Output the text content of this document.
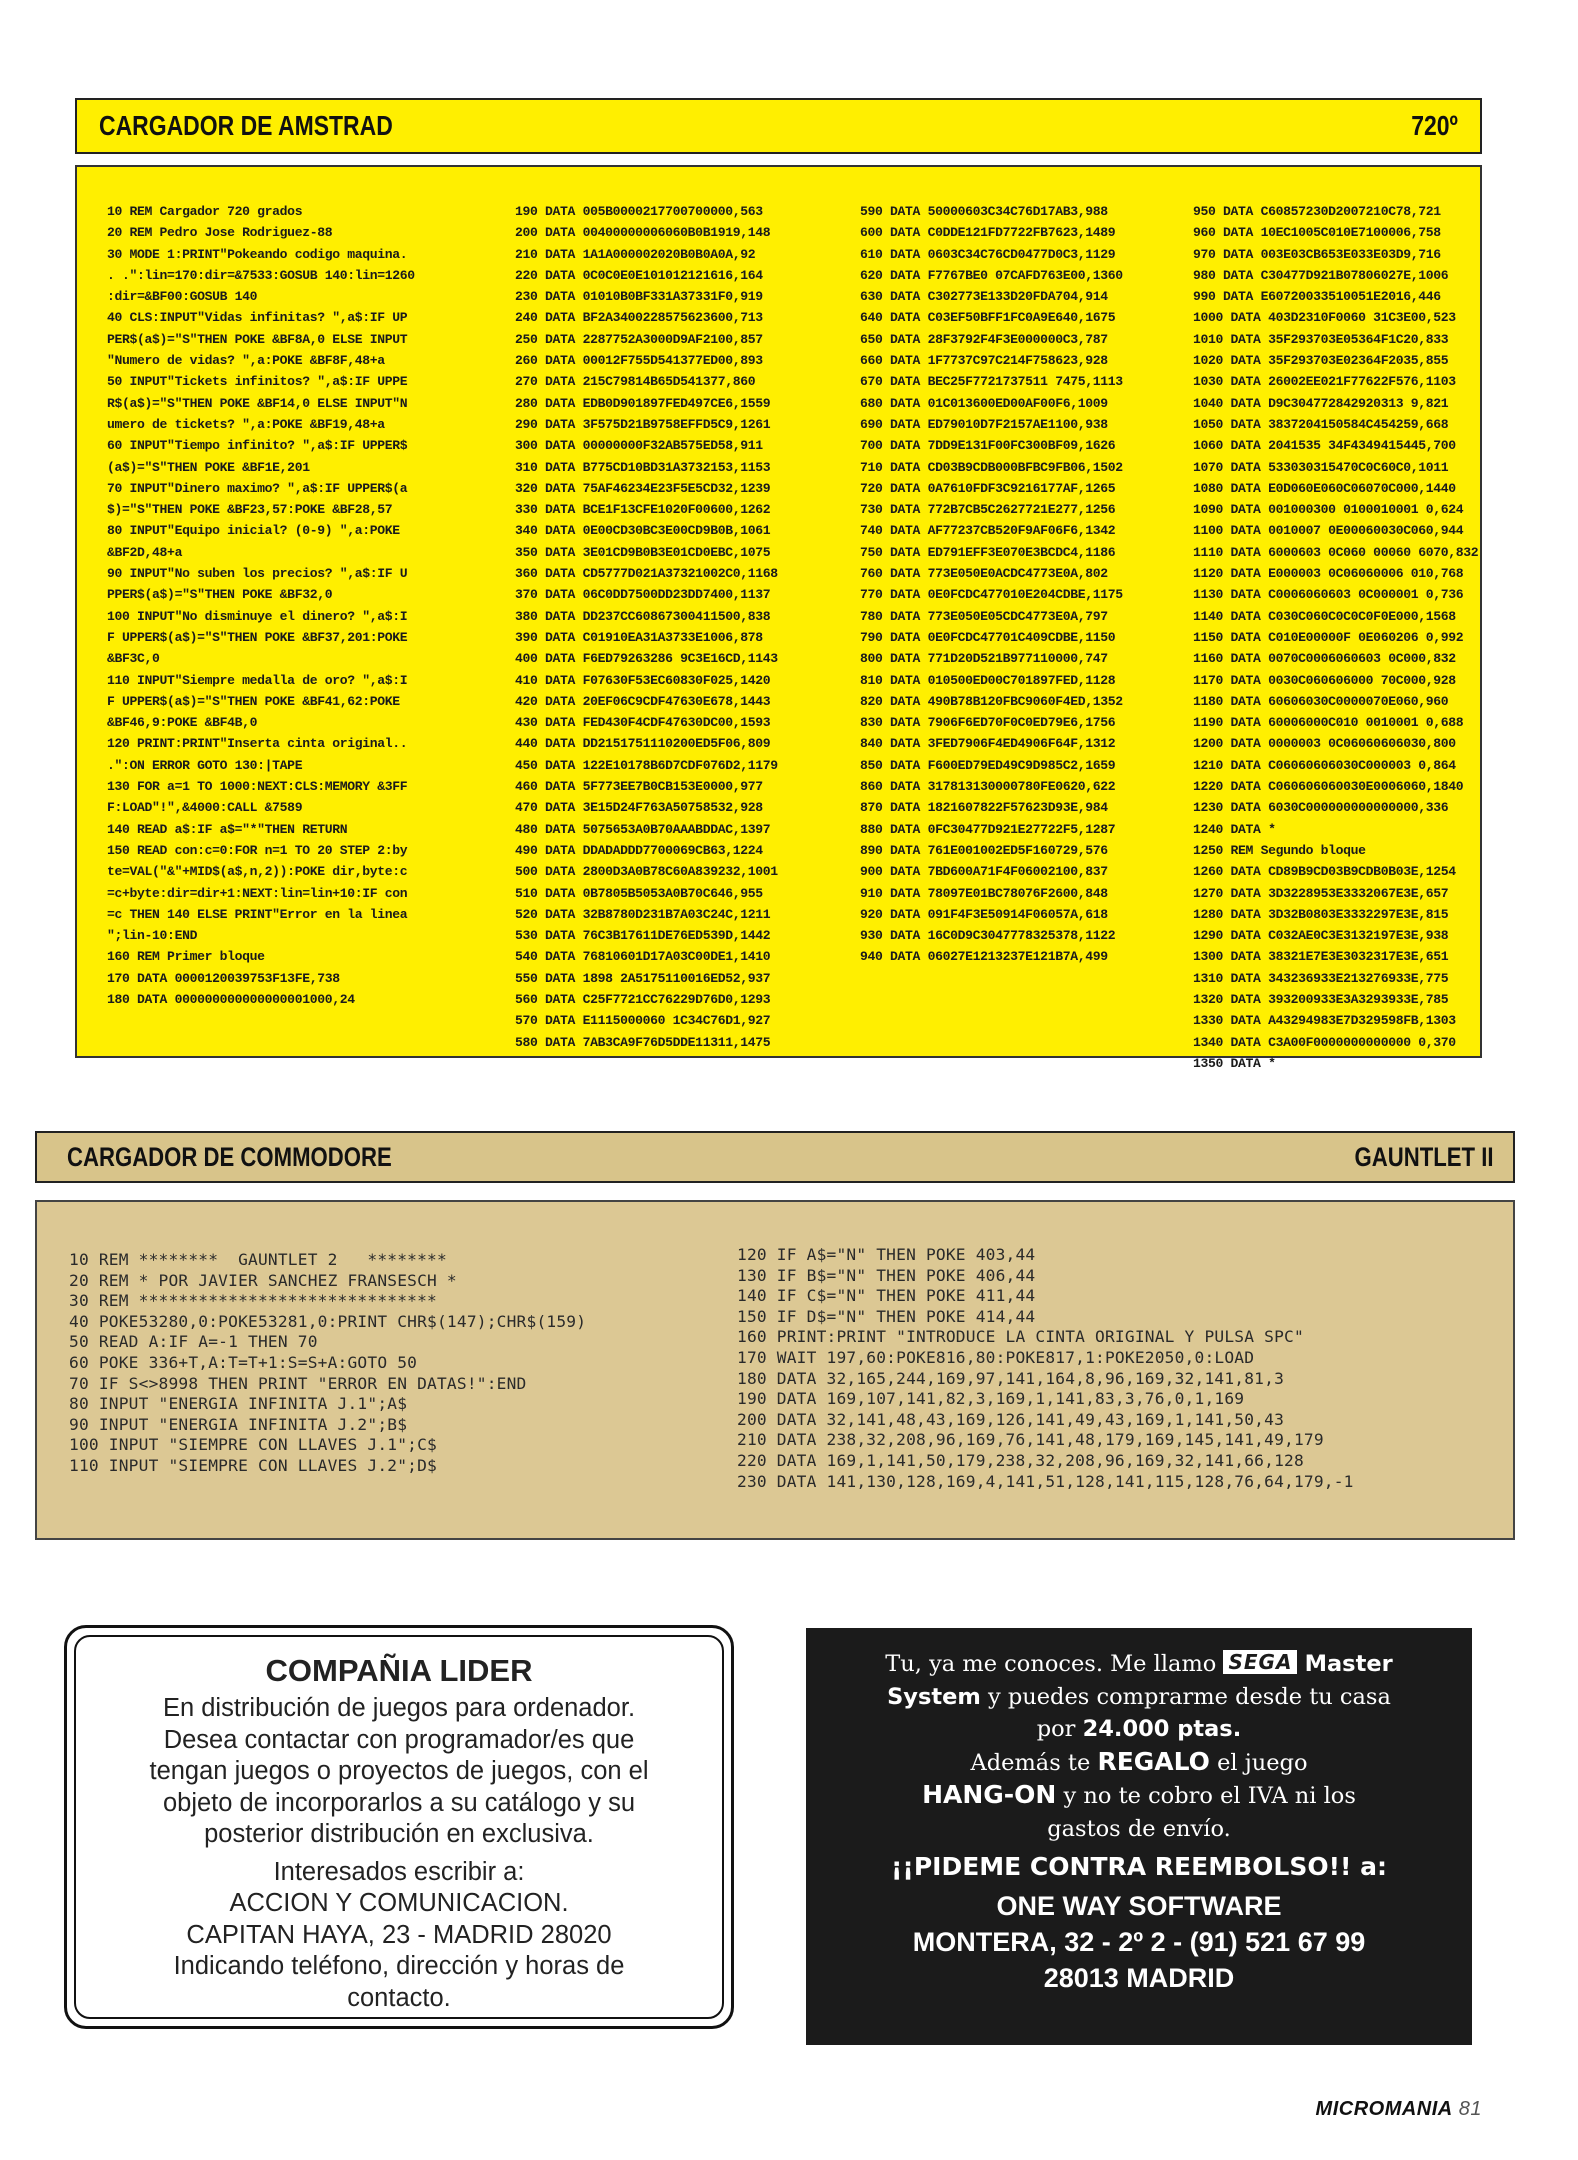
CARGADOR DE AMSTRAD	720º
10 REM Cargador 720 grados
20 REM Pedro Jose Rodriguez-88
30 MODE 1:PRINT"Pokeando codigo maquina.
. .":lin=170:dir=&7533:GOSUB 140:lin=1260
:dir=&BF00:GOSUB 140
40 CLS:INPUT"Vidas infinitas? ",a$:IF UP
PER$(a$)="S"THEN POKE &BF8A,0 ELSE INPUT
"Numero de vidas? ",a:POKE &BF8F,48+a
50 INPUT"Tickets infinitos? ",a$:IF UPPE
R$(a$)="S"THEN POKE &BF14,0 ELSE INPUT"N
umero de tickets? ",a:POKE &BF19,48+a
60 INPUT"Tiempo infinito? ",a$:IF UPPER$
(a$)="S"THEN POKE &BF1E,201
70 INPUT"Dinero maximo? ",a$:IF UPPER$(a
$)="S"THEN POKE &BF23,57:POKE &BF28,57
80 INPUT"Equipo inicial? (0-9) ",a:POKE
&BF2D,48+a
90 INPUT"No suben los precios? ",a$:IF U
PPER$(a$)="S"THEN POKE &BF32,0
100 INPUT"No disminuye el dinero? ",a$:I
F UPPER$(a$)="S"THEN POKE &BF37,201:POKE
&BF3C,0
110 INPUT"Siempre medalla de oro? ",a$:I
F UPPER$(a$)="S"THEN POKE &BF41,62:POKE
&BF46,9:POKE &BF4B,0
120 PRINT:PRINT"Inserta cinta original..
.":ON ERROR GOTO 130:|TAPE
130 FOR a=1 TO 1000:NEXT:CLS:MEMORY &3FF
F:LOAD"!",&4000:CALL &7589
140 READ a$:IF a$="*"THEN RETURN
150 READ con:c=0:FOR n=1 TO 20 STEP 2:by
te=VAL("&"+MID$(a$,n,2)):POKE dir,byte:c
=c+byte:dir=dir+1:NEXT:lin=lin+10:IF con
=c THEN 140 ELSE PRINT"Error en la linea
";lin-10:END
160 REM Primer bloque
170 DATA 0000120039753F13FE,738
180 DATA 000000000000000001000,24
190 DATA 005B0000217700700000,563
200 DATA 00400000006060B0B1919,148
210 DATA 1A1A000002020B0B0A0A,92
220 DATA 0C0C0E0E101012121616,164
230 DATA 01010B0BF331A37331F0,919
240 DATA BF2A3400228575623600,713
250 DATA 2287752A3000D9AF2100,857
260 DATA 00012F755D541377ED00,893
270 DATA 215C79814B65D541377,860
280 DATA EDB0D901897FED497CE6,1559
290 DATA 3F575D21B9758EFFD5C9,1261
300 DATA 00000000F32AB575ED58,911
310 DATA B775CD10BD31A3732153,1153
320 DATA 75AF46234E23F5E5CD32,1239
330 DATA BCE1F13CFE1020F00600,1262
340 DATA 0E00CD30BC3E00CD9B0B,1061
350 DATA 3E01CD9B0B3E01CD0EBC,1075
360 DATA CD5777D021A37321002C0,1168
370 DATA 06C0DD7500DD23DD7400,1137
380 DATA DD237CC60867300411500,838
390 DATA C01910EA31A3733E1006,878
400 DATA F6ED79263286 9C3E16CD,1143
410 DATA F07630F53EC60830F025,1420
420 DATA 20EF06C9CDF47630E678,1443
430 DATA FED430F4CDF47630DC00,1593
440 DATA DD2151751110200ED5F06,809
450 DATA 122E10178B6D7CDF076D2,1179
460 DATA 5F773EE7B0CB153E0000,977
470 DATA 3E15D24F763A50758532,928
480 DATA 5075653A0B70AAABDDAC,1397
490 DATA DDADADDD7700069CB63,1224
500 DATA 2800D3A0B78C60A839232,1001
510 DATA 0B7805B5053A0B70C646,955
520 DATA 32B8780D231B7A03C24C,1211
530 DATA 76C3B17611DE76ED539D,1442
540 DATA 76810601D17A03C00DE1,1410
550 DATA 1898 2A5175110016ED52,937
560 DATA C25F7721CC76229D76D0,1293
570 DATA E1115000060 1C34C76D1,927
580 DATA 7AB3CA9F76D5DDE11311,1475
590 DATA 50000603C34C76D17AB3,988
600 DATA C0DDE121FD7722FB7623,1489
610 DATA 0603C34C76CD0477D0C3,1129
620 DATA F7767BE0 07CAFD763E00,1360
630 DATA C302773E133D20FDA704,914
640 DATA C03EF50BFF1FC0A9E640,1675
650 DATA 28F3792F4F3E000000C3,787
660 DATA 1F7737C97C214F758623,928
670 DATA BEC25F7721737511 7475,1113
680 DATA 01C013600ED00AF00F6,1009
690 DATA ED79010D7F2157AE1100,938
700 DATA 7DD9E131F00FC300BF09,1626
710 DATA CD03B9CDB000BFBC9FB06,1502
720 DATA 0A7610FDF3C9216177AF,1265
730 DATA 772B7CB5C2627721E277,1256
740 DATA AF77237CB520F9AF06F6,1342
750 DATA ED791EFF3E070E3BCDC4,1186
760 DATA 773E050E0ACDC4773E0A,802
770 DATA 0E0FCDC477010E204CDBE,1175
780 DATA 773E050E05CDC4773E0A,797
790 DATA 0E0FCDC47701C409CDBE,1150
800 DATA 771D20D521B977110000,747
810 DATA 010500ED00C701897FED,1128
820 DATA 490B78B120FBC9060F4ED,1352
830 DATA 7906F6ED70F0C0ED79E6,1756
840 DATA 3FED7906F4ED4906F64F,1312
850 DATA F600ED79ED49C9D985C2,1659
860 DATA 317813130000780FE0620,622
870 DATA 1821607822F57623D93E,984
880 DATA 0FC30477D921E27722F5,1287
890 DATA 761E001002ED5F160729,576
900 DATA 7BD600A71F4F06002100,837
910 DATA 78097E01BC78076F2600,848
920 DATA 091F4F3E50914F06057A,618
930 DATA 16C0D9C3047778325378,1122
940 DATA 06027E1213237E121B7A,499
950 DATA C60857230D2007210C78,721
960 DATA 10EC1005C010E7100006,758
970 DATA 003E03CB653E033E03D9,716
980 DATA C30477D921B07806027E,1006
990 DATA E60720033510051E2016,446
1000 DATA 403D2310F0060 31C3E00,523
1010 DATA 35F293703E05364F1C20,833
1020 DATA 35F293703E02364F2035,855
1030 DATA 26002EE021F77622F576,1103
1040 DATA D9C304772842920313 9,821
1050 DATA 3837204150584C454259,668
1060 DATA 2041535 34F4349415445,700
1070 DATA 533030315470C0C60C0,1011
1080 DATA E0D060E060C06070C000,1440
1090 DATA 001000300 0100010001 0,624
1100 DATA 0010007 0E00060030C060,944
1110 DATA 6000603 0C060 00060 6070,832
1120 DATA E000003 0C06060006 010,768
1130 DATA C0006060603 0C000001 0,736
1140 DATA C030C060C0C0C0F0E000,1568
1150 DATA C010E00000F 0E060206 0,992
1160 DATA 0070C0006060603 0C000,832
1170 DATA 0030C060606000 70C000,928
1180 DATA 60606030C0000070E060,960
1190 DATA 60006000C010 0010001 0,688
1200 DATA 0000003 0C06060606030,800
1210 DATA C06060606030C000003 0,864
1220 DATA C060606060030E0006060,1840
1230 DATA 6030C000000000000000,336
1240 DATA *
1250 REM Segundo bloque
1260 DATA CD89B9CD03B9CDB0B03E,1254
1270 DATA 3D3228953E3332067E3E,657
1280 DATA 3D32B0803E3332297E3E,815
1290 DATA C032AE0C3E3132197E3E,938
1300 DATA 38321E7E3E3032317E3E,651
1310 DATA 343236933E213276933E,775
1320 DATA 393200933E3A3293933E,785
1330 DATA A43294983E7D329598FB,1303
1340 DATA C3A00F0000000000000 0,370
1350 DATA *
CARGADOR DE COMMODORE	GAUNTLET II
10 REM ********  GAUNTLET 2   ********
20 REM * POR JAVIER SANCHEZ FRANSESCH *
30 REM ******************************
40 POKE53280,0:POKE53281,0:PRINT CHR$(147);CHR$(159)
50 READ A:IF A=-1 THEN 70
60 POKE 336+T,A:T=T+1:S=S+A:GOTO 50
70 IF S<>8998 THEN PRINT "ERROR EN DATAS!":END
80 INPUT "ENERGIA INFINITA J.1";A$
90 INPUT "ENERGIA INFINITA J.2";B$
100 INPUT "SIEMPRE CON LLAVES J.1";C$
110 INPUT "SIEMPRE CON LLAVES J.2";D$
120 IF A$="N" THEN POKE 403,44
130 IF B$="N" THEN POKE 406,44
140 IF C$="N" THEN POKE 411,44
150 IF D$="N" THEN POKE 414,44
160 PRINT:PRINT "INTRODUCE LA CINTA ORIGINAL Y PULSA SPC"
170 WAIT 197,60:POKE816,80:POKE817,1:POKE2050,0:LOAD
180 DATA 32,165,244,169,97,141,164,8,96,169,32,141,81,3
190 DATA 169,107,141,82,3,169,1,141,83,3,76,0,1,169
200 DATA 32,141,48,43,169,126,141,49,43,169,1,141,50,43
210 DATA 238,32,208,96,169,76,141,48,179,169,145,141,49,179
220 DATA 169,1,141,50,179,238,32,208,96,169,32,141,66,128
230 DATA 141,130,128,169,4,141,51,128,141,115,128,76,64,179,-1
COMPAÑIA LIDER
En distribución de juegos para ordenador.
Desea contactar con programador/es que
tengan juegos o proyectos de juegos, con el
objeto de incorporarlos a su catálogo y su
posterior distribución en exclusiva.
Interesados escribir a:
ACCION Y COMUNICACION.
CAPITAN HAYA, 23 - MADRID 28020
Indicando teléfono, dirección y horas de
contacto.
Tu, ya me conoces. Me llamo SEGA Master
System y puedes comprarme desde tu casa
por 24.000 ptas.
Además te REGALO el juego
HANG-ON y no te cobro el IVA ni los
gastos de envío.
¡¡PIDEME CONTRA REEMBOLSO!! a:
ONE WAY SOFTWARE
MONTERA, 32 - 2º 2 - (91) 521 67 99
28013 MADRID
MICROMANIA 81
